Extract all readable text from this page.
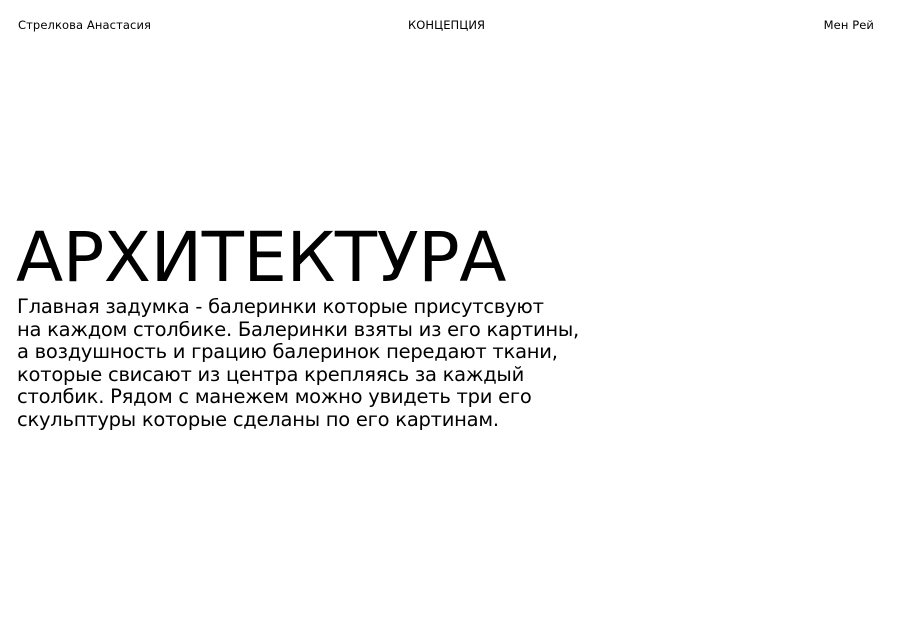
Стрелкова Анастасия	КОНЦЕПЦИЯ	Мен Рей
АРХИТЕКТУРА
Главная задумка - балеринки которые присутсвуют
на каждом столбике. Балеринки взяты из его картины,
а воздушность и грацию балеринок передают ткани,
которые свисают из центра крепляясь за каждый
столбик. Рядом с манежем можно увидеть три его
скульптуры которые сделаны по его картинам.
